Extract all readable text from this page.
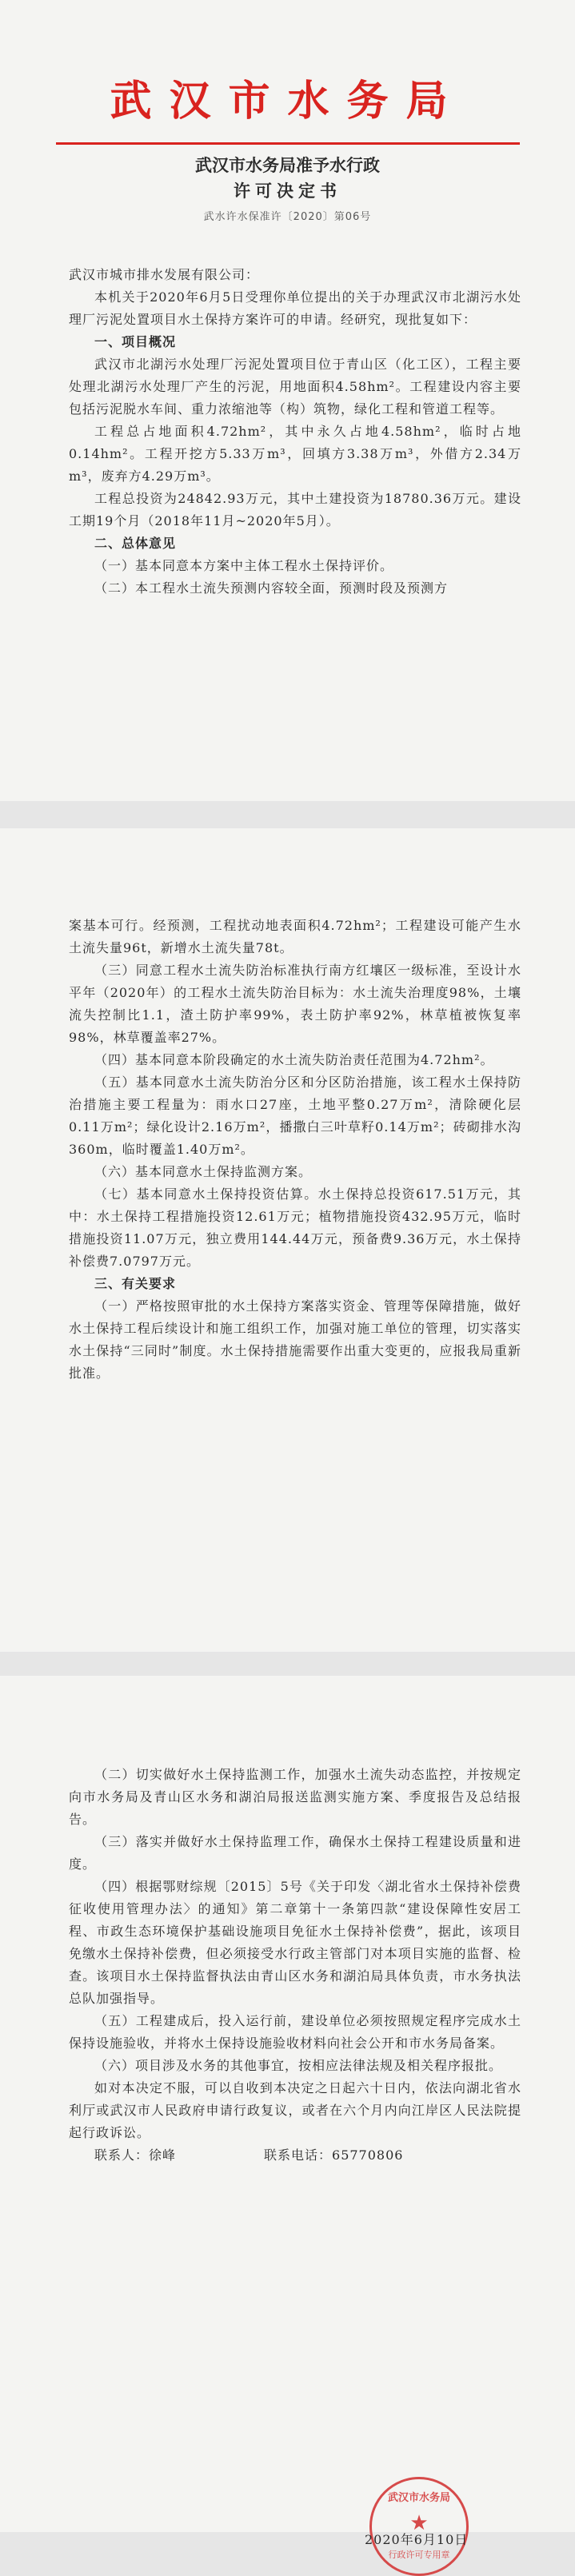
武汉市水务局
武汉市水务局准予水行政
许可决定书
武水许水保准许〔2020〕第06号

武汉市城市排水发展有限公司：

本机关于2020年6月5日受理你单位提出的关于办理武汉市北湖污水处理厂污泥处置项目水土保持方案许可的申请。经研究，现批复如下：

一、项目概况

武汉市北湖污水处理厂污泥处置项目位于青山区（化工区），工程主要处理北湖污水处理厂产生的污泥，用地面积4.58hm²。工程建设内容主要包括污泥脱水车间、重力浓缩池等（构）筑物，绿化工程和管道工程等。

工程总占地面积4.72hm²，其中永久占地4.58hm²，临时占地0.14hm²。工程开挖方5.33万m³，回填方3.38万m³，外借方2.34万m³，废弃方4.29万m³。

工程总投资为24842.93万元，其中土建投资为18780.36万元。建设工期19个月（2018年11月~2020年5月）。

二、总体意见

（一）基本同意本方案中主体工程水土保持评价。

（二）本工程水土流失预测内容较全面，预测时段及预测方

案基本可行。经预测，工程扰动地表面积4.72hm²；工程建设可能产生水土流失量96t，新增水土流失量78t。

（三）同意工程水土流失防治标准执行南方红壤区一级标准，至设计水平年（2020年）的工程水土流失防治目标为：水土流失治理度98%，土壤流失控制比1.1，渣土防护率99%，表土防护率92%，林草植被恢复率98%，林草覆盖率27%。

（四）基本同意本阶段确定的水土流失防治责任范围为4.72hm²。

（五）基本同意水土流失防治分区和分区防治措施，该工程水土保持防治措施主要工程量为：雨水口27座，土地平整0.27万m²，清除硬化层0.11万m²；绿化设计2.16万m²，播撒白三叶草籽0.14万m²；砖砌排水沟360m，临时覆盖1.40万m²。

（六）基本同意水土保持监测方案。

（七）基本同意水土保持投资估算。水土保持总投资617.51万元，其中：水土保持工程措施投资12.61万元；植物措施投资432.95万元，临时措施投资11.07万元，独立费用144.44万元，预备费9.36万元，水土保持补偿费7.0797万元。

三、有关要求

（一）严格按照审批的水土保持方案落实资金、管理等保障措施，做好水土保持工程后续设计和施工组织工作，加强对施工单位的管理，切实落实水土保持“三同时”制度。水土保持措施需要作出重大变更的，应报我局重新批准。

（二）切实做好水土保持监测工作，加强水土流失动态监控，并按规定向市水务局及青山区水务和湖泊局报送监测实施方案、季度报告及总结报告。

（三）落实并做好水土保持监理工作，确保水土保持工程建设质量和进度。

（四）根据鄂财综规〔2015〕5号《关于印发〈湖北省水土保持补偿费征收使用管理办法〉的通知》第二章第十一条第四款“建设保障性安居工程、市政生态环境保护基础设施项目免征水土保持补偿费”，据此，该项目免缴水土保持补偿费，但必须接受水行政主管部门对本项目实施的监督、检查。该项目水土保持监督执法由青山区水务和湖泊局具体负责，市水务执法总队加强指导。

（五）工程建成后，投入运行前，建设单位必须按照规定程序完成水土保持设施验收，并将水土保持设施验收材料向社会公开和市水务局备案。

（六）项目涉及水务的其他事宜，按相应法律法规及相关程序报批。

如对本决定不服，可以自收到本决定之日起六十日内，依法向湖北省水利厅或武汉市人民政府申请行政复议，或者在六个月内向江岸区人民法院提起行政诉讼。

联系人：徐峰	联系电话：65770806
武汉市水务局
★
行政许可专用章
2020年6月10日
